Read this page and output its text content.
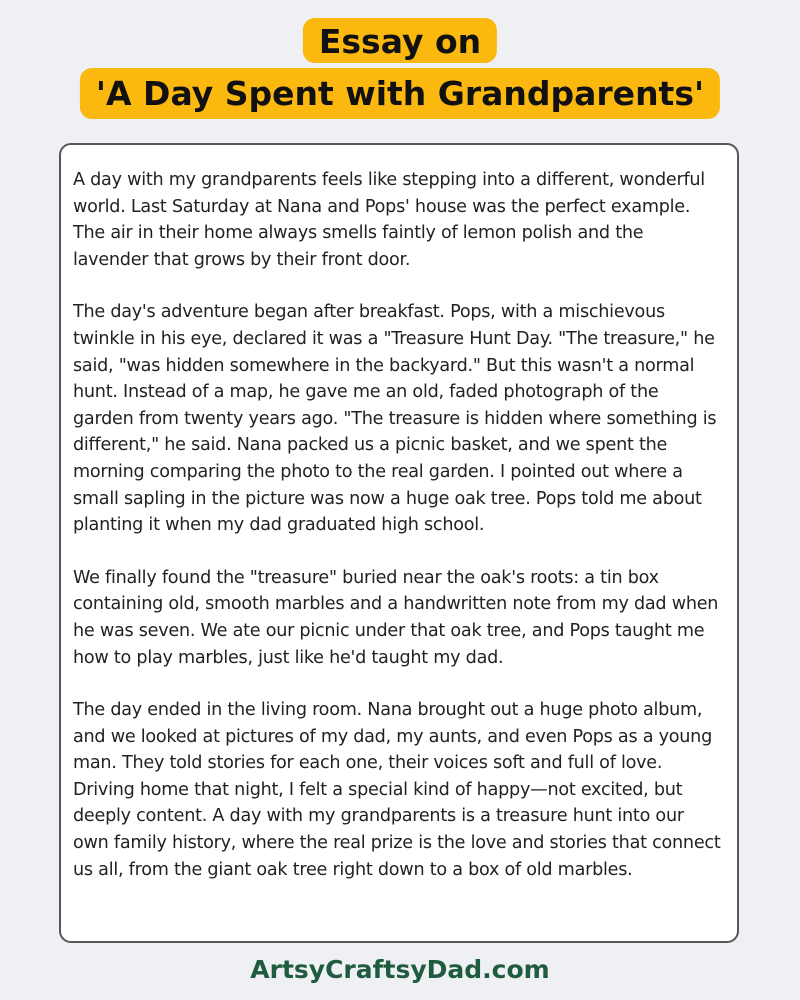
Essay on
'A Day Spent with Grandparents'

A day with my grandparents feels like stepping into a different, wonderful world. Last Saturday at Nana and Pops' house was the perfect example. The air in their home always smells faintly of lemon polish and the lavender that grows by their front door.

The day's adventure began after breakfast. Pops, with a mischievous twinkle in his eye, declared it was a "Treasure Hunt Day. "The treasure," he said, "was hidden somewhere in the backyard." But this wasn't a normal hunt. Instead of a map, he gave me an old, faded photograph of the garden from twenty years ago. "The treasure is hidden where something is different," he said. Nana packed us a picnic basket, and we spent the morning comparing the photo to the real garden. I pointed out where a small sapling in the picture was now a huge oak tree. Pops told me about planting it when my dad graduated high school.

We finally found the "treasure" buried near the oak's roots: a tin box containing old, smooth marbles and a handwritten note from my dad when he was seven. We ate our picnic under that oak tree, and Pops taught me how to play marbles, just like he'd taught my dad.

The day ended in the living room. Nana brought out a huge photo album, and we looked at pictures of my dad, my aunts, and even Pops as a young man. They told stories for each one, their voices soft and full of love. Driving home that night, I felt a special kind of happy—not excited, but deeply content. A day with my grandparents is a treasure hunt into our own family history, where the real prize is the love and stories that connect us all, from the giant oak tree right down to a box of old marbles.

ArtsyCraftsyDad.com
